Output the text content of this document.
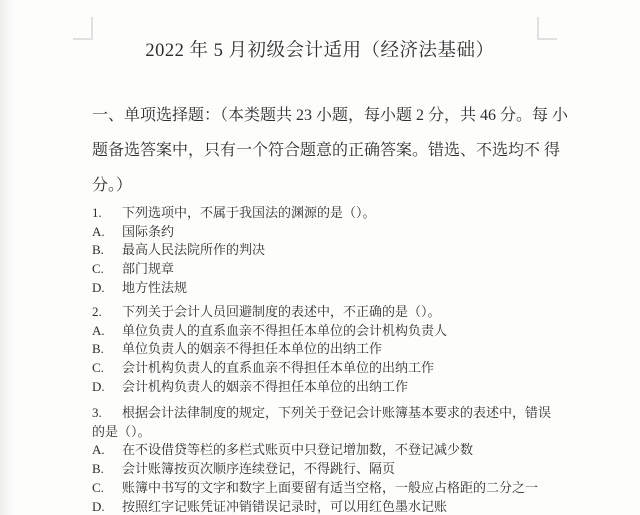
2022 年 5 月初级会计适用（经济法基础）
一、单项选择题：（本类题共 23 小题，每小题 2 分，共 46 分。每 小
题备选答案中，只有一个符合题意的正确答案。错选、不选均不 得
分。）
1. 下列选项中，不属于我国法的渊源的是（）。
A. 国际条约
B. 最高人民法院所作的判决
C. 部门规章
D. 地方性法规
2. 下列关于会计人员回避制度的表述中，不正确的是（）。
A. 单位负责人的直系血亲不得担任本单位的会计机构负责人
B. 单位负责人的姻亲不得担任本单位的出纳工作
C. 会计机构负责人的直系血亲不得担任本单位的出纳工作
D. 会计机构负责人的姻亲不得担任本单位的出纳工作
3. 根据会计法律制度的规定，下列关于登记会计账簿基本要求的表述中，错误
的是（）。
A. 在不设借贷等栏的多栏式账页中只登记增加数，不登记减少数
B. 会计账簿按页次顺序连续登记，不得跳行、隔页
C. 账簿中书写的文字和数字上面要留有适当空格，一般应占格距的二分之一
D. 按照红字记账凭证冲销错误记录时，可以用红色墨水记账
